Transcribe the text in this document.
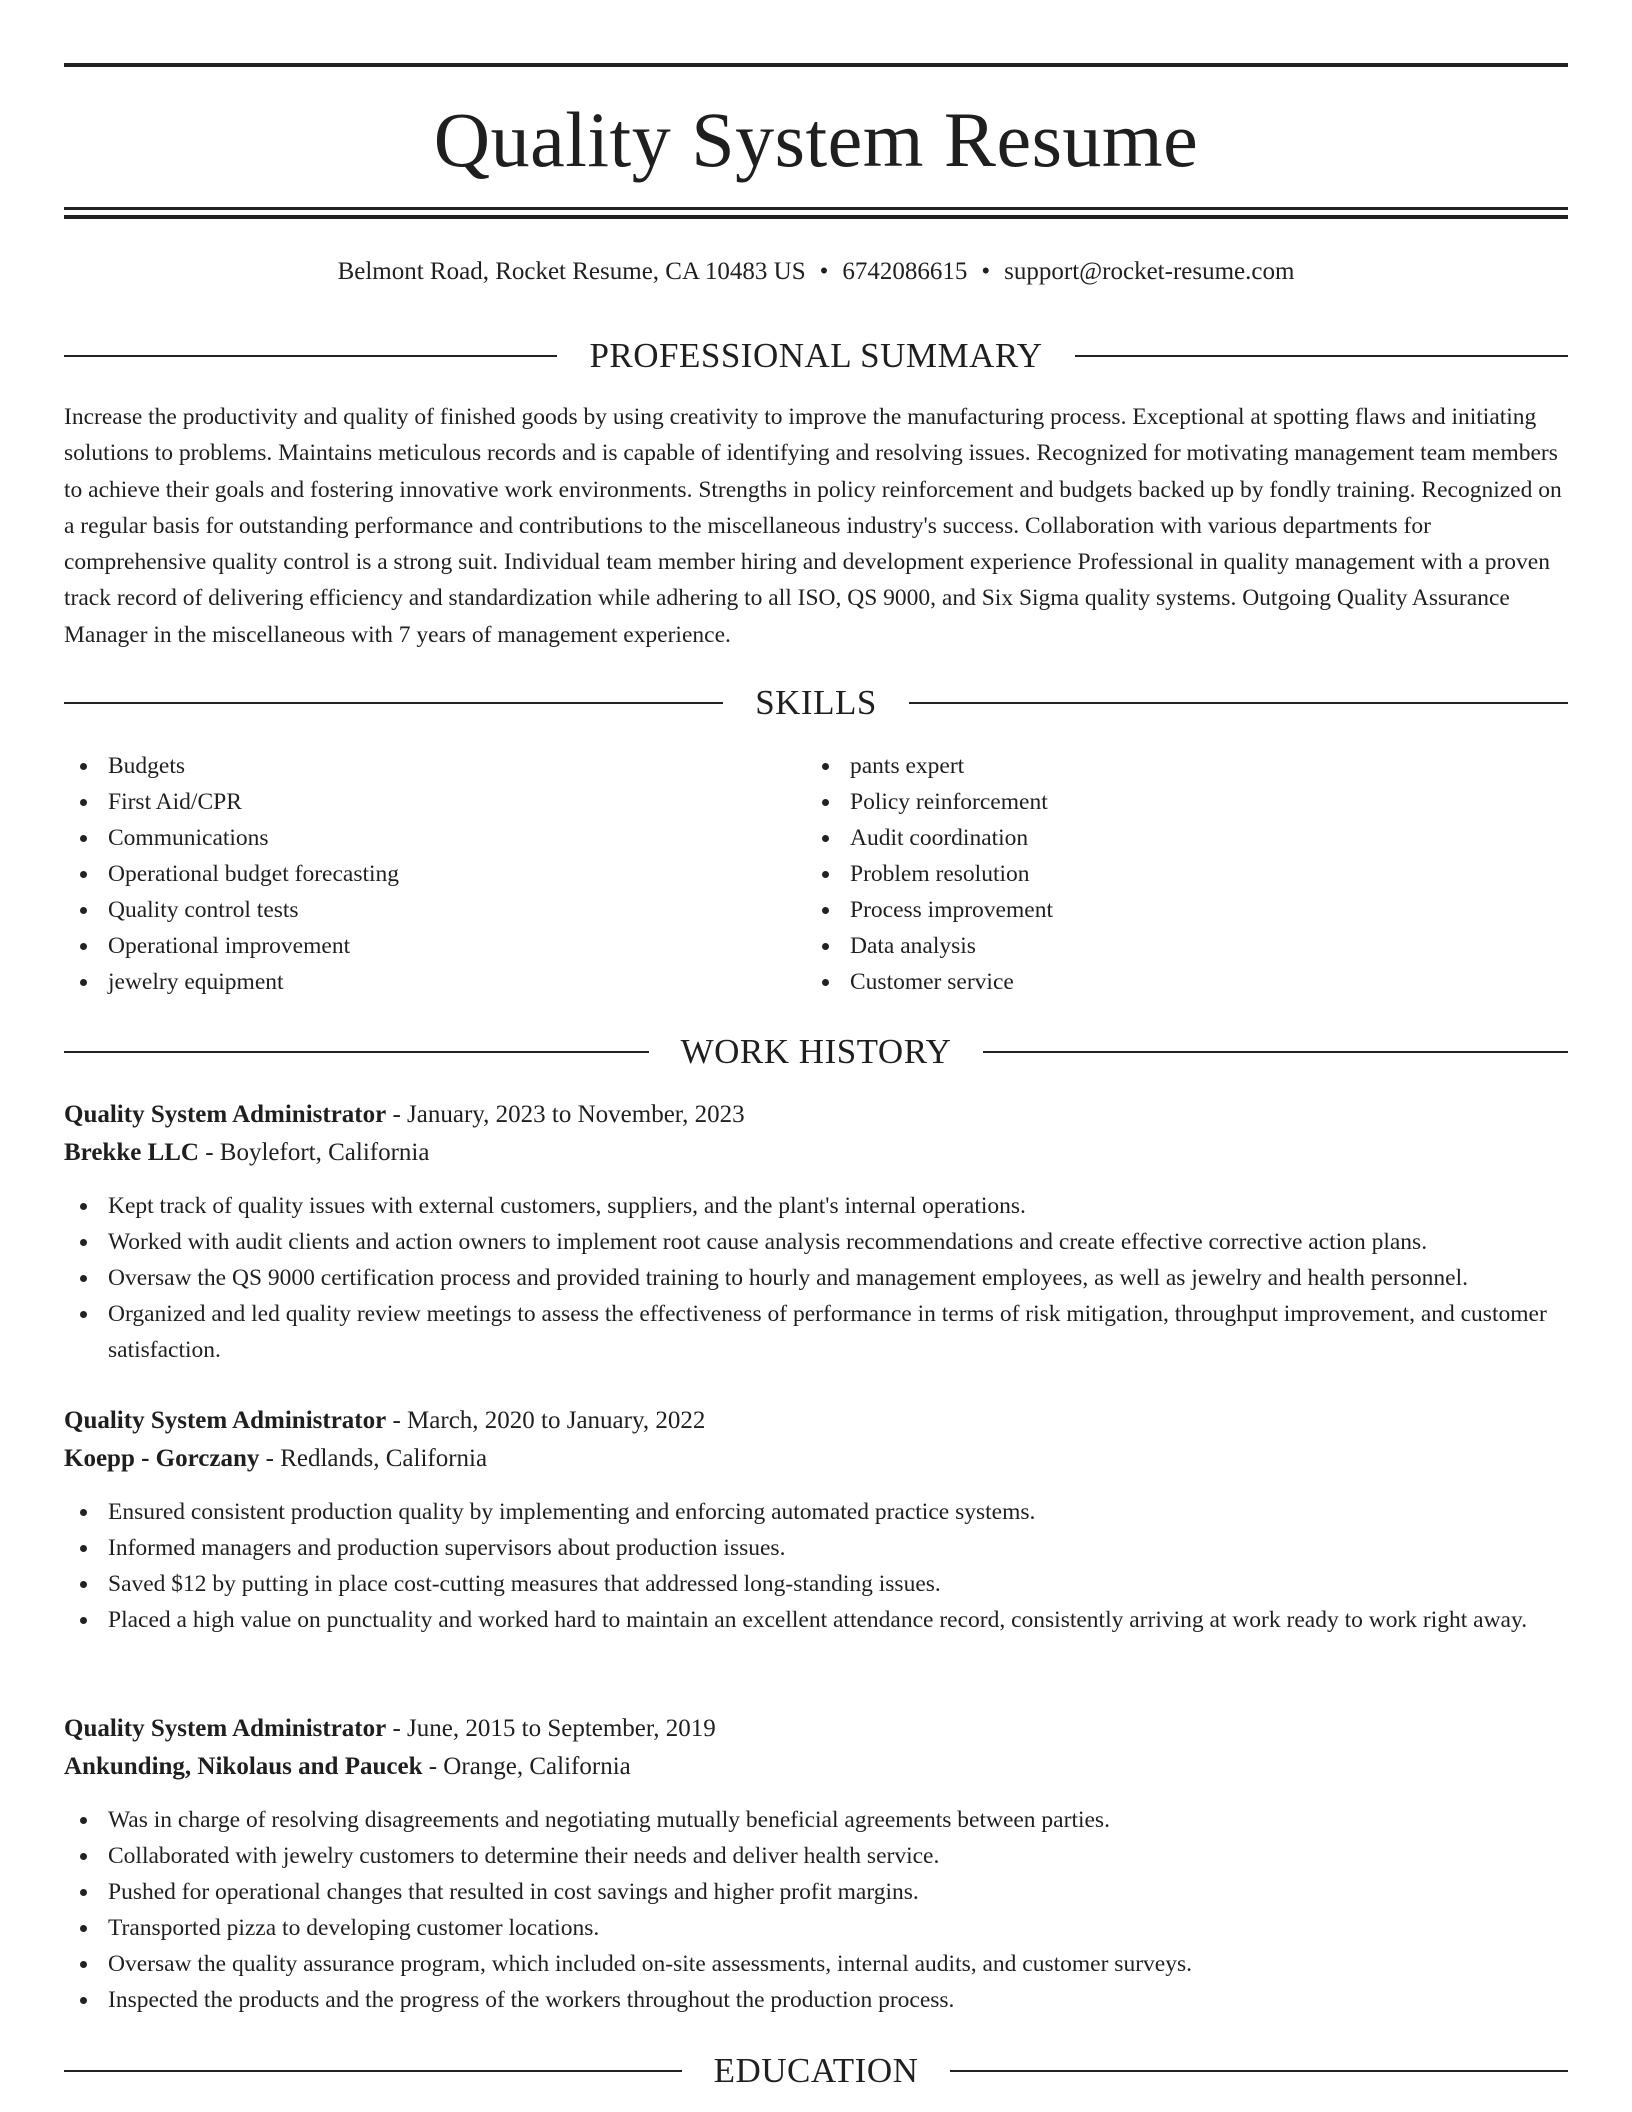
Quality System Resume
Belmont Road, Rocket Resume, CA 10483 US • 6742086615 • support@rocket-resume.com
PROFESSIONAL SUMMARY

Increase the productivity and quality of finished goods by using creativity to improve the manufacturing process. Exceptional at spotting flaws and initiating solutions to problems. Maintains meticulous records and is capable of identifying and resolving issues. Recognized for motivating management team members to achieve their goals and fostering innovative work environments. Strengths in policy reinforcement and budgets backed up by fondly training. Recognized on a regular basis for outstanding performance and contributions to the miscellaneous industry's success. Collaboration with various departments for comprehensive quality control is a strong suit. Individual team member hiring and development experience Professional in quality management with a proven track record of delivering efficiency and standardization while adhering to all ISO, QS 9000, and Six Sigma quality systems. Outgoing Quality Assurance Manager in the miscellaneous with 7 years of management experience.

SKILLS
Budgets
First Aid/CPR
Communications
Operational budget forecasting
Quality control tests
Operational improvement
jewelry equipment
pants expert
Policy reinforcement
Audit coordination
Problem resolution
Process improvement
Data analysis
Customer service
WORK HISTORY
Quality System Administrator - January, 2023 to November, 2023
Brekke LLC - Boylefort, California
Kept track of quality issues with external customers, suppliers, and the plant's internal operations.
Worked with audit clients and action owners to implement root cause analysis recommendations and create effective corrective action plans.
Oversaw the QS 9000 certification process and provided training to hourly and management employees, as well as jewelry and health personnel.
Organized and led quality review meetings to assess the effectiveness of performance in terms of risk mitigation, throughput improvement, and customer satisfaction.
Quality System Administrator - March, 2020 to January, 2022
Koepp - Gorczany - Redlands, California
Ensured consistent production quality by implementing and enforcing automated practice systems.
Informed managers and production supervisors about production issues.
Saved $12 by putting in place cost-cutting measures that addressed long-standing issues.
Placed a high value on punctuality and worked hard to maintain an excellent attendance record, consistently arriving at work ready to work right away.
Quality System Administrator - June, 2015 to September, 2019
Ankunding, Nikolaus and Paucek - Orange, California
Was in charge of resolving disagreements and negotiating mutually beneficial agreements between parties.
Collaborated with jewelry customers to determine their needs and deliver health service.
Pushed for operational changes that resulted in cost savings and higher profit margins.
Transported pizza to developing customer locations.
Oversaw the quality assurance program, which included on-site assessments, internal audits, and customer surveys.
Inspected the products and the progress of the workers throughout the production process.
EDUCATION
